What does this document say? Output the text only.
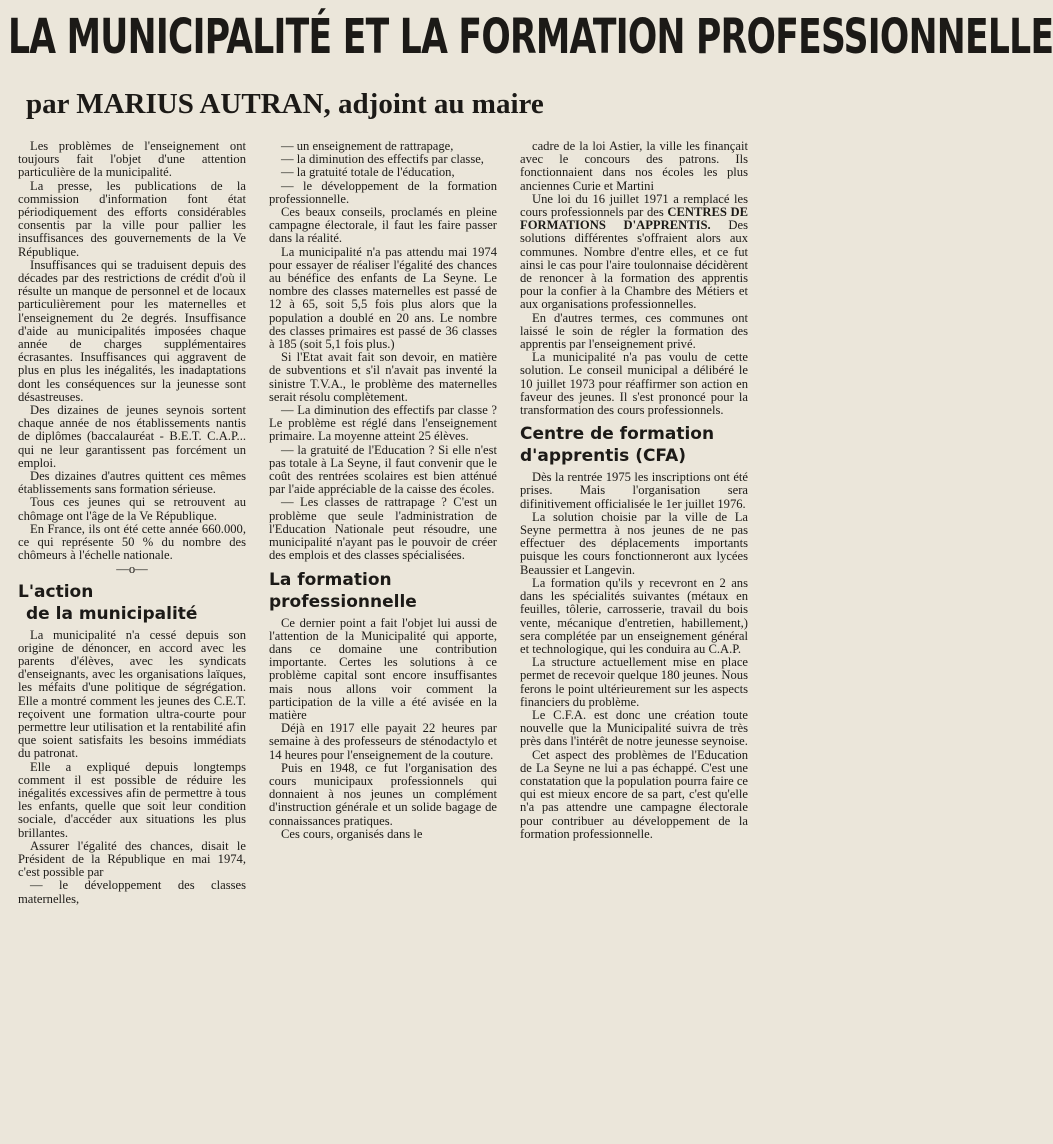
LA MUNICIPALITÉ ET LA FORMATION PROFESSIONNELLE
par MARIUS AUTRAN, adjoint au maire

Les problèmes de l'enseignement ont toujours fait l'objet d'une attention particulière de la municipalité.

La presse, les publications de la commission d'information font état périodiquement des efforts considérables consentis par la ville pour pallier les insuffisances des gouvernements de la Ve République.

Insuffisances qui se traduisent depuis des décades par des restrictions de crédit d'où il résulte un manque de personnel et de locaux particulièrement pour les maternelles et l'enseignement du 2e degrés. Insuffisance d'aide au municipalités imposées chaque année de charges supplémentaires écrasantes. Insuffisances qui aggravent de plus en plus les inégalités, les inadaptations dont les conséquences sur la jeunesse sont désastreuses.

Des dizaines de jeunes seynois sortent chaque année de nos établissements nantis de diplômes (baccalauréat - B.E.T. C.A.P... qui ne leur garantissent pas forcément un emploi.

Des dizaines d'autres quittent ces mêmes établissements sans formation sérieuse.

Tous ces jeunes qui se retrouvent au chômage ont l'âge de la Ve République.

En France, ils ont été cette année 660.000, ce qui représente 50 % du nombre des chômeurs à l'échelle nationale.

—o—
L'action
de la municipalité

La municipalité n'a cessé depuis son origine de dénoncer, en accord avec les parents d'élèves, avec les syndicats d'enseignants, avec les organisations laïques, les méfaits d'une politique de ségrégation. Elle a montré comment les jeunes des C.E.T. reçoivent une formation ultra-courte pour permettre leur utilisation et la rentabilité afin que soient satisfaits les besoins immédiats du patronat.

Elle a expliqué depuis longtemps comment il est possible de réduire les inégalités excessives afin de permettre à tous les enfants, quelle que soit leur condition sociale, d'accéder aux situations les plus brillantes.

Assurer l'égalité des chances, disait le Président de la République en mai 1974, c'est possible par

— le développement des classes maternelles,

— un enseignement de rattrapage,

— la diminution des effectifs par classe,

— la gratuité totale de l'éducation,

— le développement de la formation professionnelle.

Ces beaux conseils, proclamés en pleine campagne électorale, il faut les faire passer dans la réalité.

La municipalité n'a pas attendu mai 1974 pour essayer de réaliser l'égalité des chances au bénéfice des enfants de La Seyne. Le nombre des classes maternelles est passé de 12 à 65, soit 5,5 fois plus alors que la population a doublé en 20 ans. Le nombre des classes primaires est passé de 36 classes à 185 (soit 5,1 fois plus.)

Si l'Etat avait fait son devoir, en matière de subventions et s'il n'avait pas inventé la sinistre T.V.A., le problème des maternelles serait résolu complètement.

— La diminution des effectifs par classe ? Le problème est réglé dans l'enseignement primaire. La moyenne atteint 25 élèves.

— la gratuité de l'Education ? Si elle n'est pas totale à La Seyne, il faut convenir que le coût des rentrées scolaires est bien atténué par l'aide appréciable de la caisse des écoles.

— Les classes de rattrapage ? C'est un problème que seule l'administration de l'Education Nationale peut résoudre, une municipalité n'ayant pas le pouvoir de créer des emplois et des classes spécialisées.

La formation
professionnelle

Ce dernier point a fait l'objet lui aussi de l'attention de la Municipalité qui apporte, dans ce domaine une contribution importante. Certes les solutions à ce problème capital sont encore insuffisantes mais nous allons voir comment la participation de la ville a été avisée en la matière

Déjà en 1917 elle payait 22 heures par semaine à des professeurs de sténodactylo et 14 heures pour l'enseignement de la couture.

Puis en 1948, ce fut l'organisation des cours municipaux professionnels qui donnaient à nos jeunes un complément d'instruction générale et un solide bagage de connaissances pratiques.

Ces cours, organisés dans le

cadre de la loi Astier, la ville les finançait avec le concours des patrons. Ils fonctionnaient dans nos écoles les plus anciennes Curie et Martini

Une loi du 16 juillet 1971 a remplacé les cours professionnels par des CENTRES DE FORMATIONS D'APPRENTIS. Des solutions différentes s'offraient alors aux communes. Nombre d'entre elles, et ce fut ainsi le cas pour l'aire toulonnaise décidèrent de renoncer à la formation des apprentis pour la confier à la Chambre des Métiers et aux organisations professionnelles.

En d'autres termes, ces communes ont laissé le soin de régler la formation des apprentis par l'enseignement privé.

La municipalité n'a pas voulu de cette solution. Le conseil municipal a délibéré le 10 juillet 1973 pour réaffirmer son action en faveur des jeunes. Il s'est prononcé pour la transformation des cours professionnels.

Centre de formation
d'apprentis (CFA)

Dès la rentrée 1975 les inscriptions ont été prises. Mais l'organisation sera difinitivement officialisée le 1er juillet 1976.

La solution choisie par la ville de La Seyne permettra à nos jeunes de ne pas effectuer des déplacements importants puisque les cours fonctionneront aux lycées Beaussier et Langevin.

La formation qu'ils y recevront en 2 ans dans les spécialités suivantes (métaux en feuilles, tôlerie, carrosserie, travail du bois vente, mécanique d'entretien, habillement,) sera complétée par un enseignement général et technologique, qui les conduira au C.A.P.

La structure actuellement mise en place permet de recevoir quelque 180 jeunes. Nous ferons le point ultérieurement sur les aspects financiers du problème.

Le C.F.A. est donc une création toute nouvelle que la Municipalité suivra de très près dans l'intérêt de notre jeunesse seynoise.

Cet aspect des problèmes de l'Education de La Seyne ne lui a pas échappé. C'est une constatation que la population pourra faire ce qui est mieux encore de sa part, c'est qu'elle n'a pas attendre une campagne électorale pour contribuer au développement de la formation professionnelle.
